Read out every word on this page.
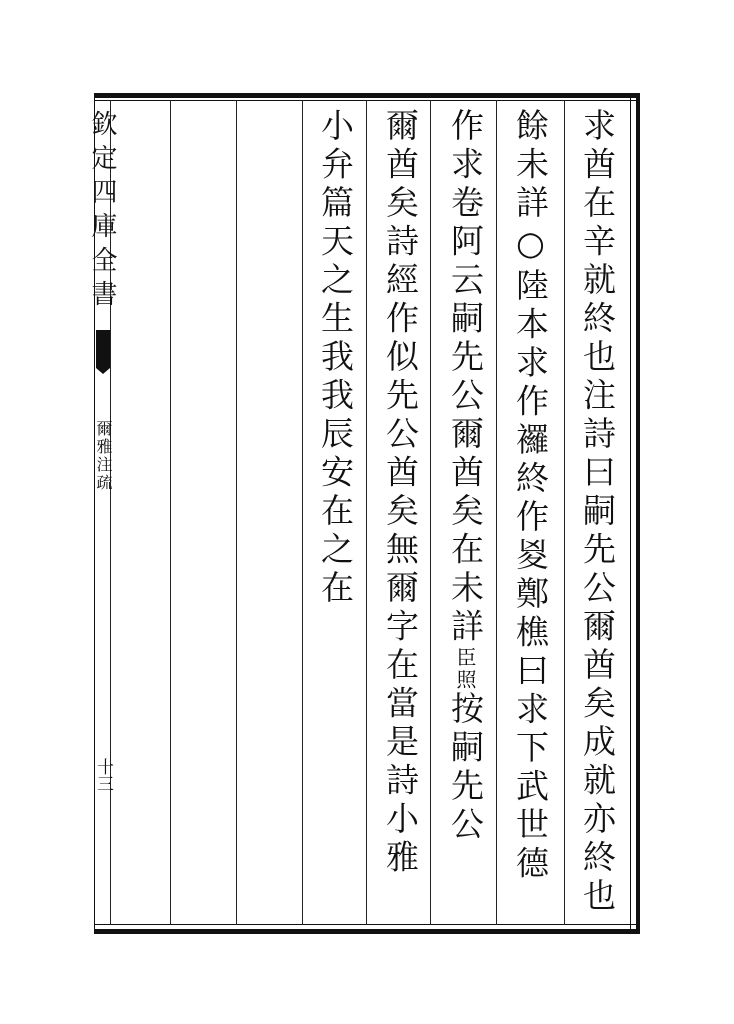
欽定四庫全書
爾雅注疏
十三	求酋在辛就終也注詩曰嗣先公爾酋矣成就亦終也
餘未詳○陸本求作𧟌終作㚇鄭樵曰求下武世德
作求卷阿云嗣先公爾酋矣在未詳臣照按嗣先公
爾酋矣詩經作似先公酋矣無爾字在當是詩小雅
小弁篇天之生我我辰安在之在
